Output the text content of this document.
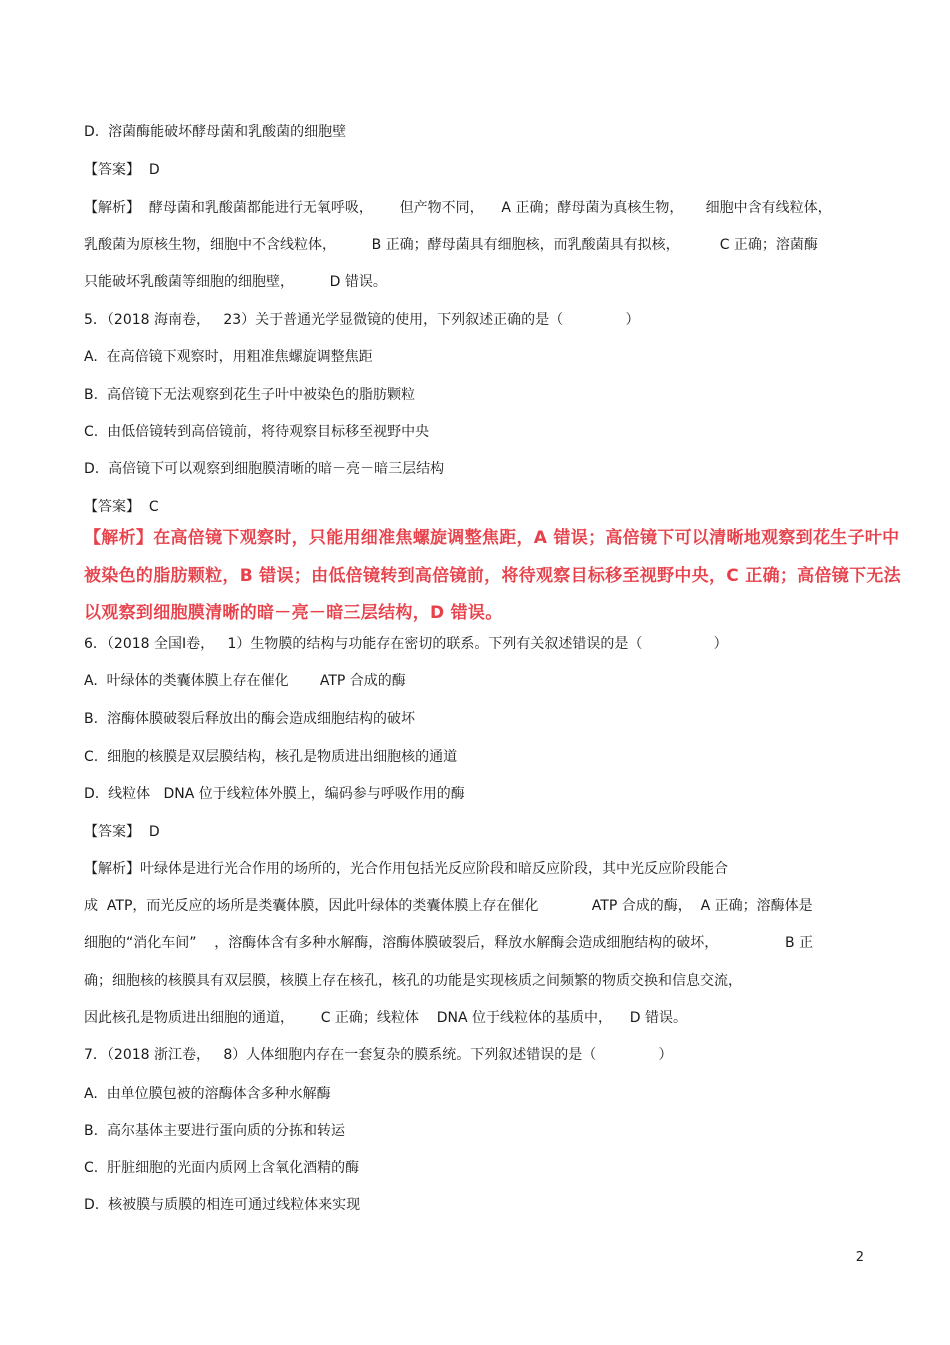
D.  溶菌酶能破坏酵母菌和乳酸菌的细胞壁
【答案】  D
【解析】  酵母菌和乳酸菌都能进行无氧呼吸，      但产物不同，    A 正确；酵母菌为真核生物，     细胞中含有线粒体，
乳酸菌为原核生物，细胞中不含线粒体，        B 正确；酵母菌具有细胞核，而乳酸菌具有拟核，         C 正确；溶菌酶
只能破坏乳酸菌等细胞的细胞壁，        D 错误。
5．（2018 海南卷，   23）关于普通光学显微镜的使用，下列叙述正确的是（              ）
A.  在高倍镜下观察时，用粗准焦螺旋调整焦距
B.  高倍镜下无法观察到花生子叶中被染色的脂肪颗粒
C.  由低倍镜转到高倍镜前，将待观察目标移至视野中央
D.  高倍镜下可以观察到细胞膜清晰的暗－亮－暗三层结构
【答案】  C
【解析】在高倍镜下观察时，只能用细准焦螺旋调整焦距，A 错误；高倍镜下可以清晰地观察到花生子叶中
被染色的脂肪颗粒，B 错误；由低倍镜转到高倍镜前，将待观察目标移至视野中央，C 正确；高倍镜下无法
以观察到细胞膜清晰的暗－亮－暗三层结构，D 错误。
6．（2018 全国Ⅰ卷，   1）生物膜的结构与功能存在密切的联系。下列有关叙述错误的是（                ）
A.  叶绿体的类囊体膜上存在催化       ATP 合成的酶
B.  溶酶体膜破裂后释放出的酶会造成细胞结构的破坏
C.  细胞的核膜是双层膜结构，核孔是物质进出细胞核的通道
D.  线粒体   DNA 位于线粒体外膜上，编码参与呼吸作用的酶
【答案】  D
【解析】叶绿体是进行光合作用的场所的，光合作用包括光反应阶段和暗反应阶段，其中光反应阶段能合
成  ATP，而光反应的场所是类囊体膜，因此叶绿体的类囊体膜上存在催化            ATP 合成的酶，  A 正确；溶酶体是
细胞的“消化车间”    ，溶酶体含有多种水解酶，溶酶体膜破裂后，释放水解酶会造成细胞结构的破坏，               B 正
确；细胞核的核膜具有双层膜，核膜上存在核孔，核孔的功能是实现核质之间频繁的物质交换和信息交流，
因此核孔是物质进出细胞的通道，      C 正确；线粒体    DNA 位于线粒体的基质中，    D 错误。
7．（2018 浙江卷，   8）人体细胞内存在一套复杂的膜系统。下列叙述错误的是（              ）
A.  由单位膜包被的溶酶体含多种水解酶
B.  高尔基体主要进行蛋向质的分拣和转运
C.  肝脏细胞的光面内质网上含氧化酒精的酶
D.  核被膜与质膜的相连可通过线粒体来实现
2
